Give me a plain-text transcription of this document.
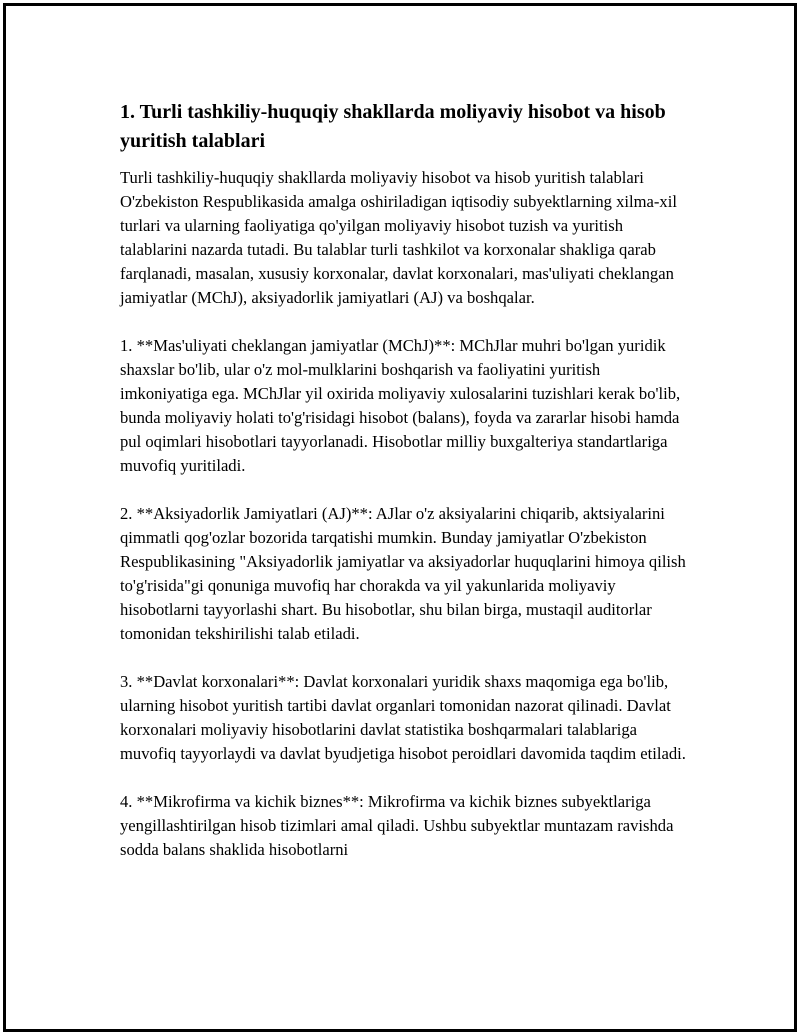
1. Turli tashkiliy-huquqiy shakllarda moliyaviy hisobot va hisob yuritish talablari

Turli tashkiliy-huquqiy shakllarda moliyaviy hisobot va hisob yuritish talablari O'zbekiston Respublikasida amalga oshiriladigan iqtisodiy subyektlarning xilma-xil turlari va ularning faoliyatiga qo'yilgan moliyaviy hisobot tuzish va yuritish talablarini nazarda tutadi. Bu talablar turli tashkilot va korxonalar shakliga qarab farqlanadi, masalan, xususiy korxonalar, davlat korxonalari, mas'uliyati cheklangan jamiyatlar (MChJ), aksiyadorlik jamiyatlari (AJ) va boshqalar.

1. **Mas'uliyati cheklangan jamiyatlar (MChJ)**: MChJlar muhri bo'lgan yuridik shaxslar bo'lib, ular o'z mol-mulklarini boshqarish va faoliyatini yuritish imkoniyatiga ega. MChJlar yil oxirida moliyaviy xulosalarini tuzishlari kerak bo'lib, bunda moliyaviy holati to'g'risidagi hisobot (balans), foyda va zararlar hisobi hamda pul oqimlari hisobotlari tayyorlanadi. Hisobotlar milliy buxgalteriya standartlariga muvofiq yuritiladi.

2. **Aksiyadorlik Jamiyatlari (AJ)**: AJlar o'z aksiyalarini chiqarib, aktsiyalarini qimmatli qog'ozlar bozorida tarqatishi mumkin. Bunday jamiyatlar O'zbekiston Respublikasining "Aksiyadorlik jamiyatlar va aksiyadorlar huquqlarini himoya qilish to'g'risida"gi qonuniga muvofiq har chorakda va yil yakunlarida moliyaviy hisobotlarni tayyorlashi shart. Bu hisobotlar, shu bilan birga, mustaqil auditorlar tomonidan tekshirilishi talab etiladi.

3. **Davlat korxonalari**: Davlat korxonalari yuridik shaxs maqomiga ega bo'lib, ularning hisobot yuritish tartibi davlat organlari tomonidan nazorat qilinadi. Davlat korxonalari moliyaviy hisobotlarini davlat statistika boshqarmalari talablariga muvofiq tayyorlaydi va davlat byudjetiga hisobot peroidlari davomida taqdim etiladi.

4. **Mikrofirma va kichik biznes**: Mikrofirma va kichik biznes subyektlariga yengillashtirilgan hisob tizimlari amal qiladi. Ushbu subyektlar muntazam ravishda sodda balans shaklida hisobotlarni
